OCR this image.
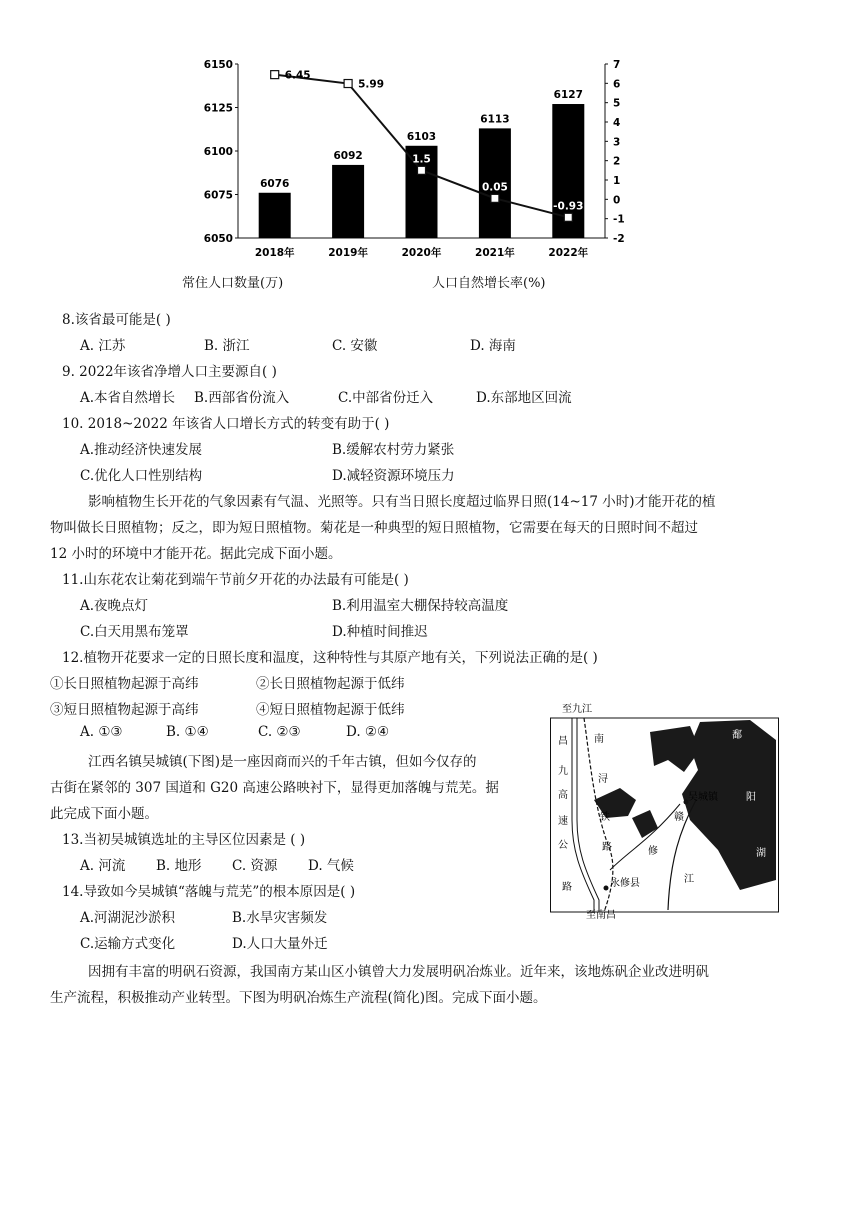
6050
6075
6100
6125
6150
-2
-1
0
1
2
3
4
5
6
7
6076
6092
6103
6113
6127
2018年	2019年	2020年	2021年	2022年
6.45
5.99
1.5
0.05
-0.93
常住人口数量(万)	人口自然增长率(%)
8.该省最可能是( )
A. 江苏	B. 浙江	C. 安徽	D. 海南
9. 2022年该省净增人口主要源自( )
A.本省自然增长 B.西部省份流入	C.中部省份迁入	D.东部地区回流
10. 2018~2022 年该省人口增长方式的转变有助于( )
A.推动经济快速发展	B.缓解农村劳力紧张
C.优化人口性别结构	D.减轻资源环境压力
影响植物生长开花的气象因素有气温、光照等。只有当日照长度超过临界日照(14~17 小时)才能开花的植
物叫做长日照植物；反之，即为短日照植物。菊花是一种典型的短日照植物，它需要在每天的日照时间不超过
12 小时的环境中才能开花。据此完成下面小题。
11.山东花农让菊花到端午节前夕开花的办法最有可能是( )
A.夜晚点灯	B.利用温室大棚保持较高温度
C.白天用黑布笼罩	D.种植时间推迟
12.植物开花要求一定的日照长度和温度，这种特性与其原产地有关，下列说法正确的是( )
①长日照植物起源于高纬	②长日照植物起源于低纬
③短日照植物起源于高纬	④短日照植物起源于低纬
A. ①③	B. ①④	C. ②③	D. ②④
江西名镇吴城镇(下图)是一座因商而兴的千年古镇，但如今仅存的
古街在紧邻的 307 国道和 G20 高速公路映衬下，显得更加落魄与荒芜。据
此完成下面小题。
13.当初吴城镇选址的主导区位因素是 ( )
A. 河流 B. 地形 C. 资源 D. 气候
14.导致如今吴城镇“落魄与荒芜”的根本原因是( )
A.河湖泥沙淤积	B.水旱灾害频发
C.运输方式变化	D.人口大量外迁
因拥有丰富的明矾石资源，我国南方某山区小镇曾大力发展明矾冶炼业。近年来，该地炼矾企业改进明矾
生产流程，积极推动产业转型。下图为明矾冶炼生产流程(简化)图。完成下面小题。
至九江
至南昌
吴城镇
永修县
昌
九
高
速
公
路
南
浔
铁
路	修
赣
江
鄱
阳
湖
